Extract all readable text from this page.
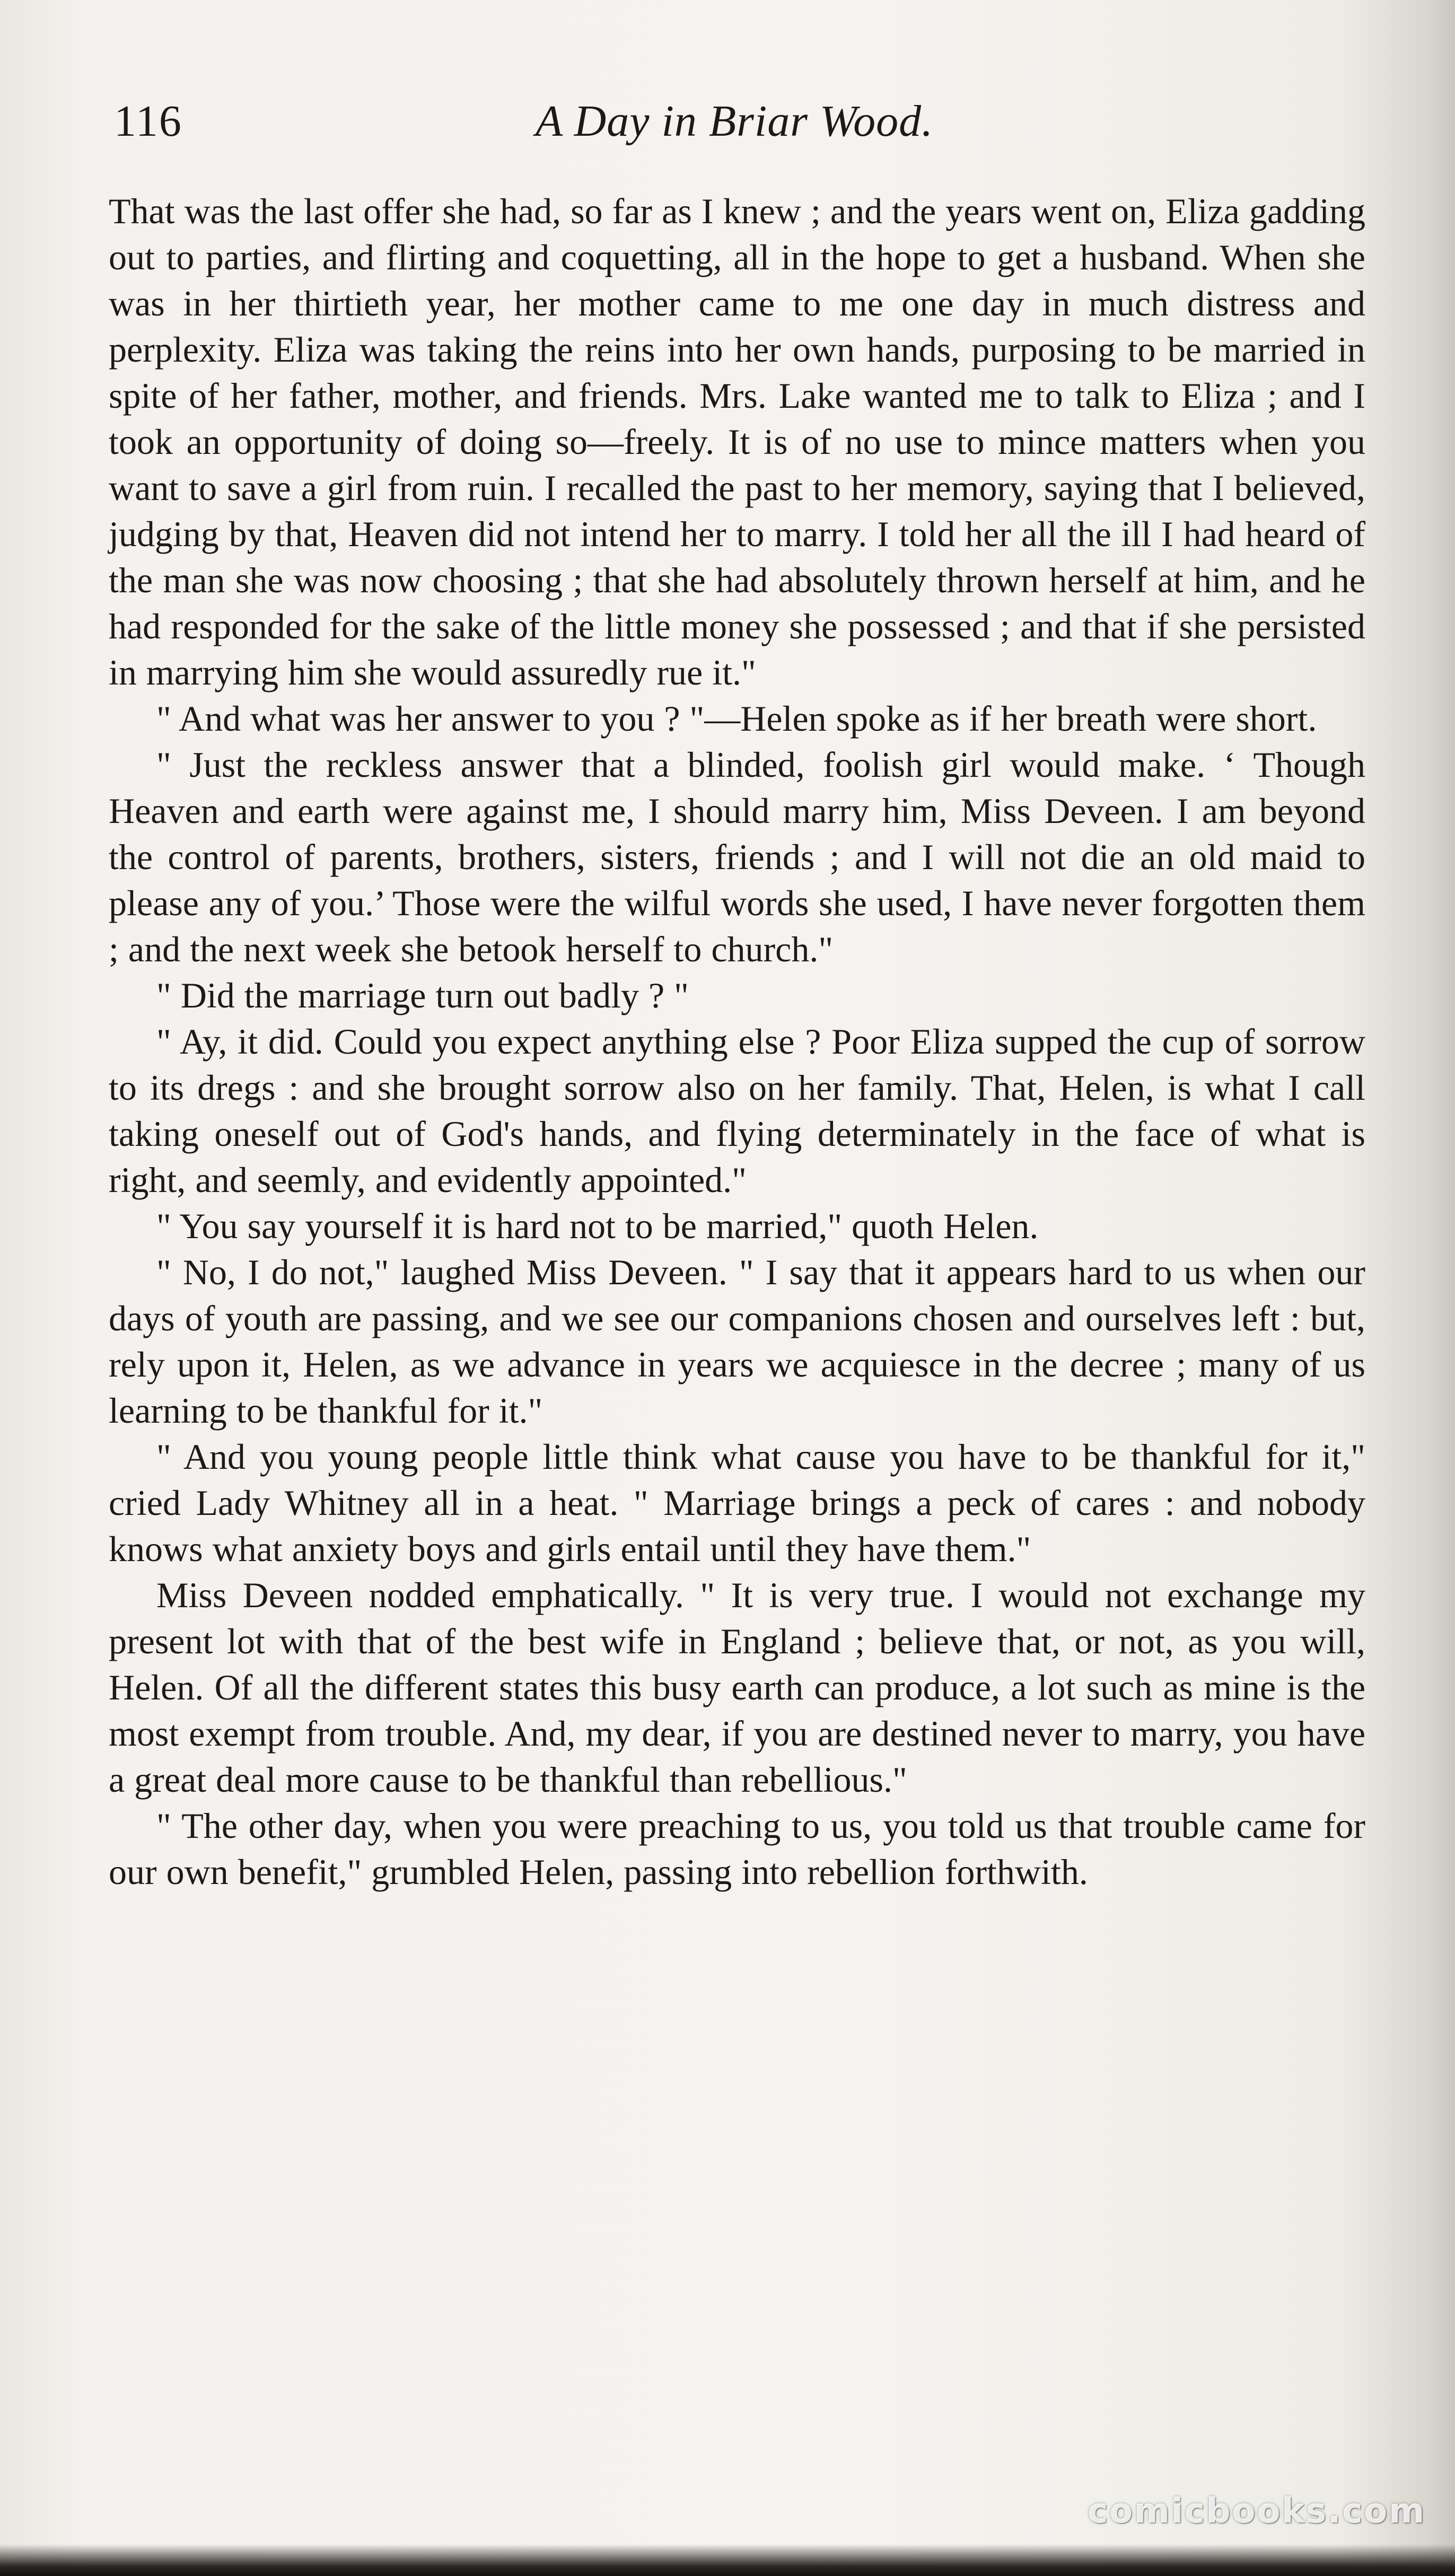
116	A Day in Briar Wood.

That was the last offer she had, so far as I knew ; and the years went on, Eliza gadding out to parties, and flirting and coquetting, all in the hope to get a husband. When she was in her thirtieth year, her mother came to me one day in much distress and perplexity. Eliza was taking the reins into her own hands, purposing to be married in spite of her father, mother, and friends. Mrs. Lake wanted me to talk to Eliza ; and I took an opportunity of doing so—freely. It is of no use to mince matters when you want to save a girl from ruin. I recalled the past to her memory, saying that I believed, judging by that, Heaven did not intend her to marry. I told her all the ill I had heard of the man she was now choosing ; that she had absolutely thrown herself at him, and he had responded for the sake of the little money she possessed ; and that if she persisted in marrying him she would assuredly rue it."

" And what was her answer to you ? "—Helen spoke as if her breath were short.

" Just the reckless answer that a blinded, foolish girl would make. ‘ Though Heaven and earth were against me, I should marry him, Miss Deveen. I am beyond the control of parents, brothers, sisters, friends ; and I will not die an old maid to please any of you.’ Those were the wilful words she used, I have never forgotten them ; and the next week she betook herself to church."

" Did the marriage turn out badly ? "

" Ay, it did. Could you expect anything else ? Poor Eliza supped the cup of sorrow to its dregs : and she brought sorrow also on her family. That, Helen, is what I call taking oneself out of God's hands, and flying determinately in the face of what is right, and seemly, and evidently appointed."

" You say yourself it is hard not to be married," quoth Helen.

" No, I do not," laughed Miss Deveen. " I say that it appears hard to us when our days of youth are passing, and we see our companions chosen and ourselves left : but, rely upon it, Helen, as we advance in years we acquiesce in the decree ; many of us learning to be thankful for it."

" And you young people little think what cause you have to be thankful for it," cried Lady Whitney all in a heat. " Marriage brings a peck of cares : and nobody knows what anxiety boys and girls entail until they have them."

Miss Deveen nodded emphatically. " It is very true. I would not exchange my present lot with that of the best wife in England ; believe that, or not, as you will, Helen. Of all the different states this busy earth can produce, a lot such as mine is the most exempt from trouble. And, my dear, if you are destined never to marry, you have a great deal more cause to be thankful than rebellious."

" The other day, when you were preaching to us, you told us that trouble came for our own benefit," grumbled Helen, passing into rebellion forthwith.

comicbooks.com
